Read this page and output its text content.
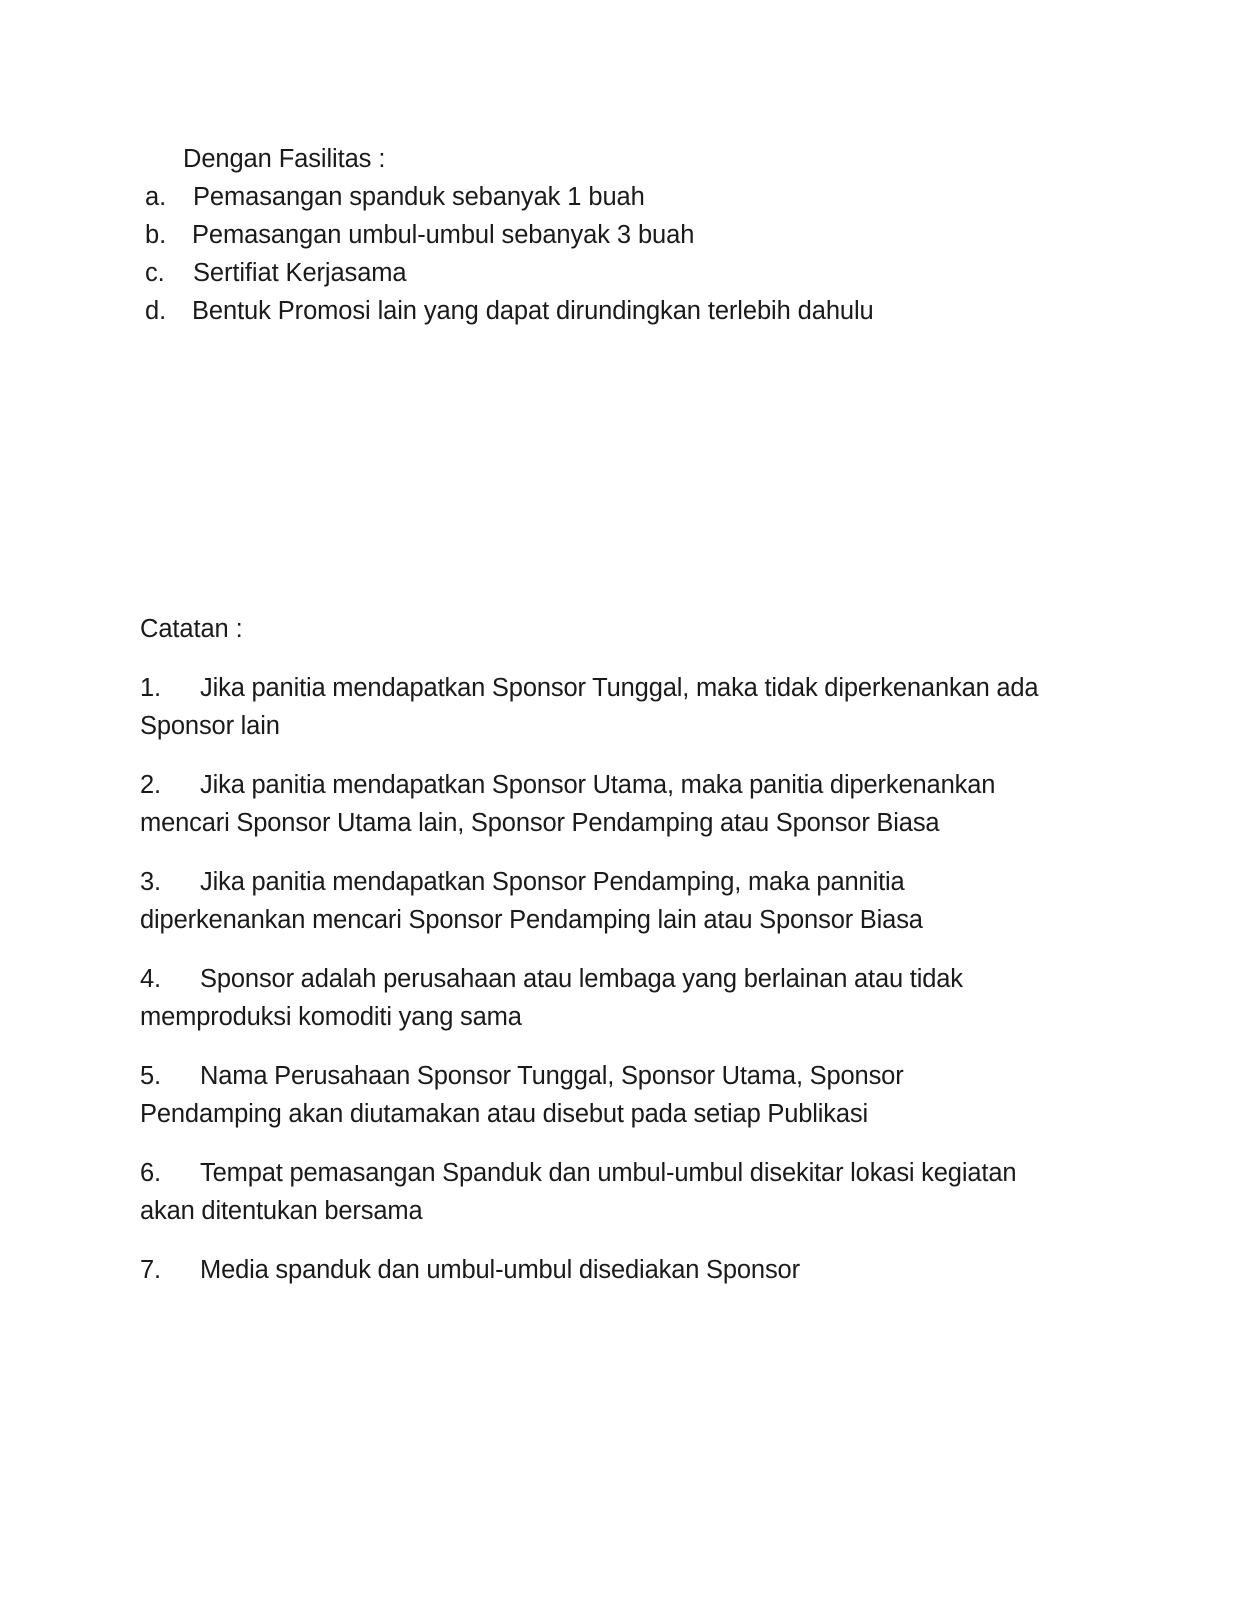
Dengan Fasilitas :

a. Pemasangan spanduk sebanyak 1 buah
b. Pemasangan umbul-umbul sebanyak 3 buah
c. Sertifiat Kerjasama
d. Bentuk Promosi lain yang dapat dirundingkan terlebih dahulu

Catatan :

1. Jika panitia mendapatkan Sponsor Tunggal, maka tidak diperkenankan ada Sponsor lain
2. Jika panitia mendapatkan Sponsor Utama, maka panitia diperkenankan mencari Sponsor Utama lain, Sponsor Pendamping atau Sponsor Biasa
3. Jika panitia mendapatkan Sponsor Pendamping, maka pannitia diperkenankan mencari Sponsor Pendamping lain atau Sponsor Biasa
4. Sponsor adalah perusahaan atau lembaga yang berlainan atau tidak memproduksi komoditi yang sama
5. Nama Perusahaan Sponsor Tunggal, Sponsor Utama, Sponsor Pendamping akan diutamakan atau disebut pada setiap Publikasi
6. Tempat pemasangan Spanduk dan umbul-umbul disekitar lokasi kegiatan akan ditentukan bersama
7. Media spanduk dan umbul-umbul disediakan Sponsor
